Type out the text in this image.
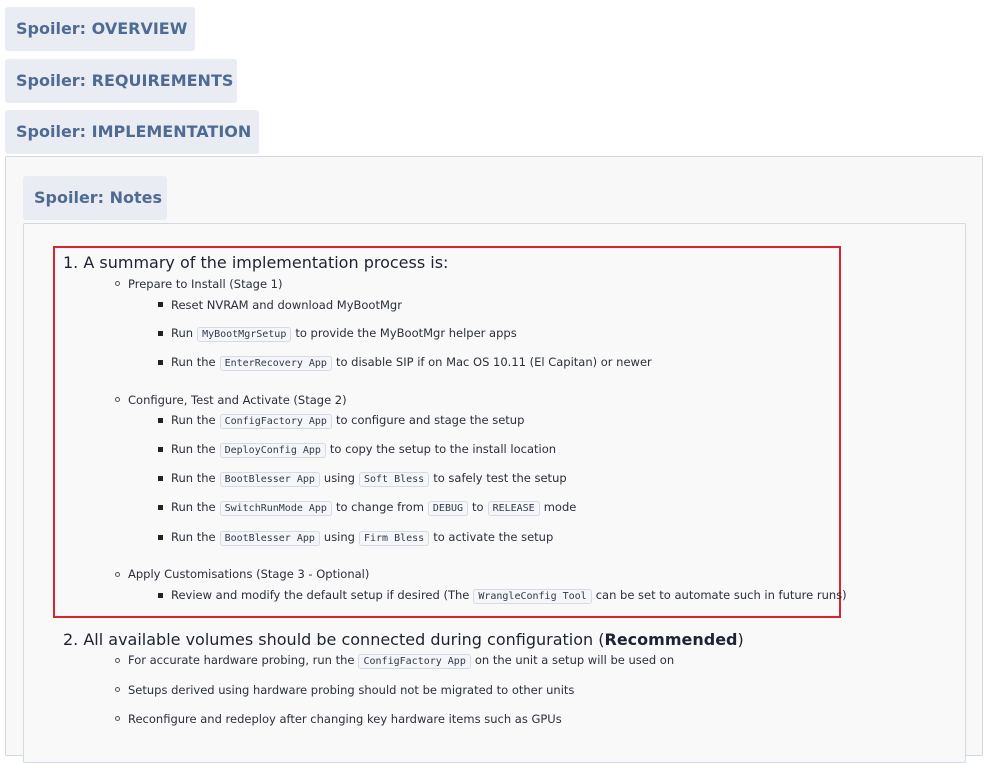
Spoiler: OVERVIEW
Spoiler: REQUIREMENTS
Spoiler: IMPLEMENTATION
Spoiler: Notes
1. A summary of the implementation process is:
Prepare to Install (Stage 1)
Reset NVRAM and download MyBootMgr
Run MyBootMgrSetup to provide the MyBootMgr helper apps
Run the EnterRecovery App to disable SIP if on Mac OS 10.11 (El Capitan) or newer
Configure, Test and Activate (Stage 2)
Run the ConfigFactory App to configure and stage the setup
Run the DeployConfig App to copy the setup to the install location
Run the BootBlesser App using Soft Bless to safely test the setup
Run the SwitchRunMode App to change from DEBUG to RELEASE mode
Run the BootBlesser App using Firm Bless to activate the setup
Apply Customisations (Stage 3 - Optional)
Review and modify the default setup if desired (The WrangleConfig Tool can be set to automate such in future runs)
2. All available volumes should be connected during configuration (Recommended)
For accurate hardware probing, run the ConfigFactory App on the unit a setup will be used on
Setups derived using hardware probing should not be migrated to other units
Reconfigure and redeploy after changing key hardware items such as GPUs
